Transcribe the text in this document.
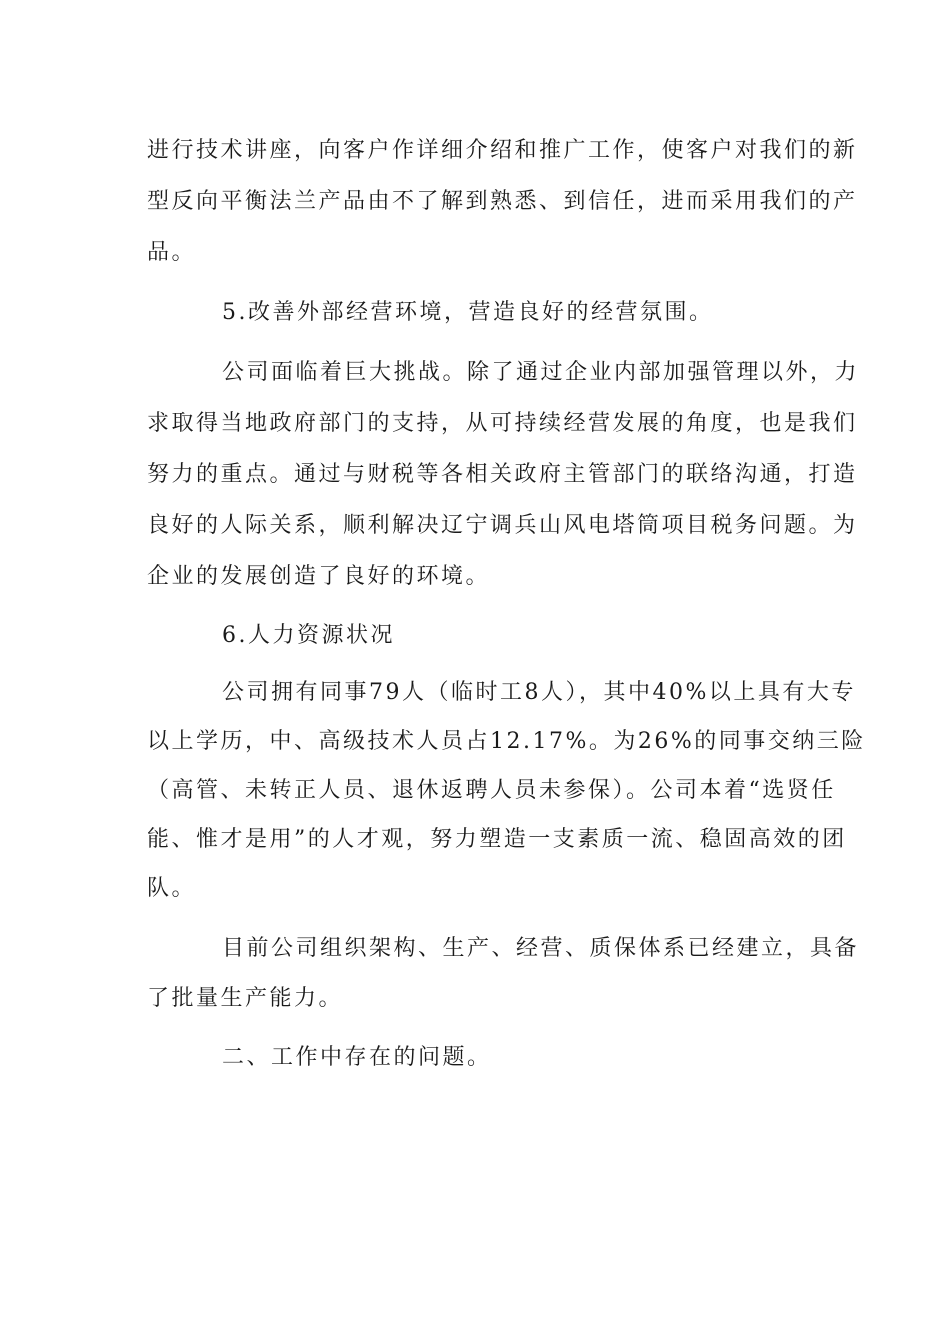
进行技术讲座，向客户作详细介绍和推广工作，使客户对我们的新
型反向平衡法兰产品由不了解到熟悉、到信任，进而采用我们的产
品。
5.改善外部经营环境，营造良好的经营氛围。
公司面临着巨大挑战。除了通过企业内部加强管理以外，力
求取得当地政府部门的支持，从可持续经营发展的角度，也是我们
努力的重点。通过与财税等各相关政府主管部门的联络沟通，打造
良好的人际关系，顺利解决辽宁调兵山风电塔筒项目税务问题。为
企业的发展创造了良好的环境。
6.人力资源状况
公司拥有同事79人（临时工8人），其中40%以上具有大专
以上学历，中、高级技术人员占12.17%。为26%的同事交纳三险
（高管、未转正人员、退休返聘人员未参保）。公司本着“选贤任
能、惟才是用”的人才观，努力塑造一支素质一流、稳固高效的团
队。
目前公司组织架构、生产、经营、质保体系已经建立，具备
了批量生产能力。
二、工作中存在的问题。
